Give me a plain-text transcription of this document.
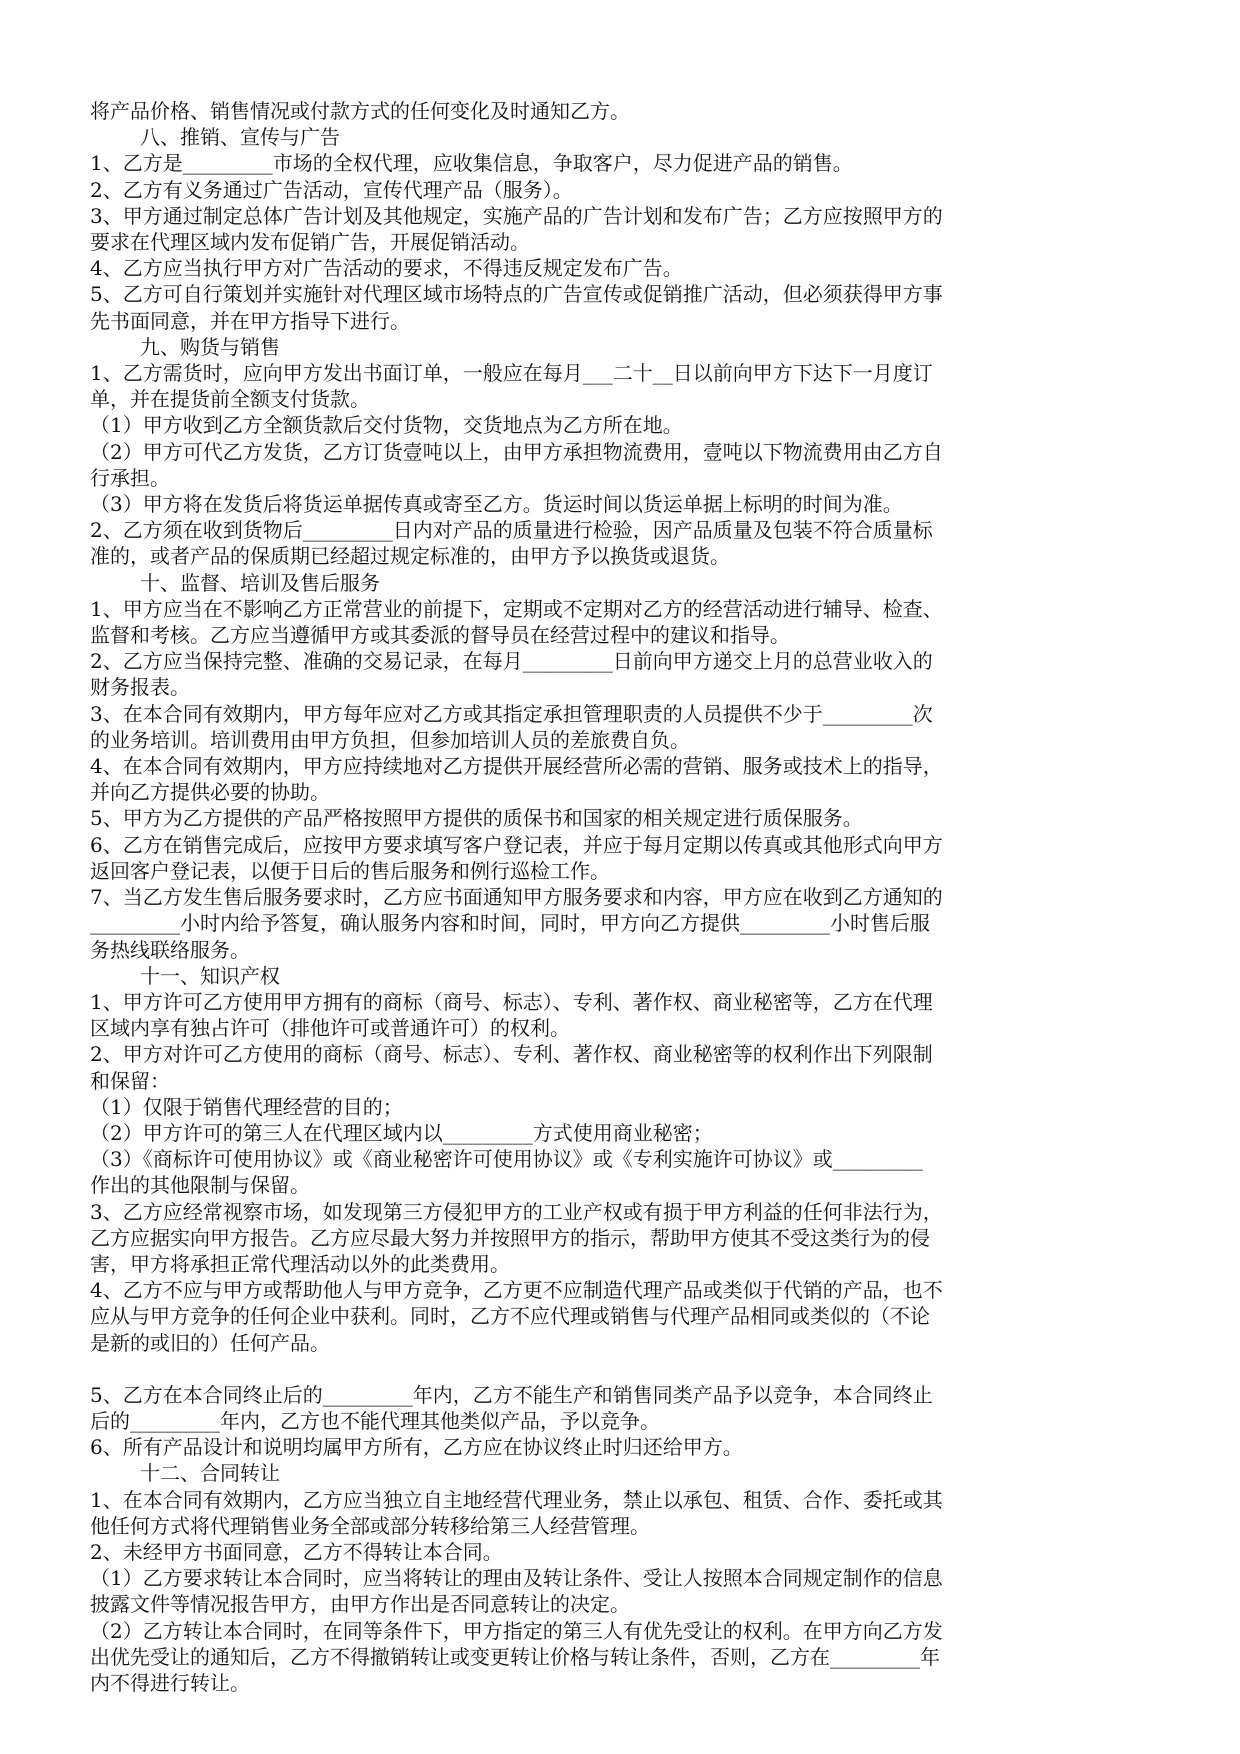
将产品价格、销售情况或付款方式的任何变化及时通知乙方。
八、推销、宣传与广告
1、乙方是_________市场的全权代理，应收集信息，争取客户，尽力促进产品的销售。
2、乙方有义务通过广告活动，宣传代理产品（服务）。
3、甲方通过制定总体广告计划及其他规定，实施产品的广告计划和发布广告；乙方应按照甲方的
要求在代理区域内发布促销广告，开展促销活动。
4、乙方应当执行甲方对广告活动的要求，不得违反规定发布广告。
5、乙方可自行策划并实施针对代理区域市场特点的广告宣传或促销推广活动，但必须获得甲方事
先书面同意，并在甲方指导下进行。
九、购货与销售
1、乙方需货时，应向甲方发出书面订单，一般应在每月___二十__日以前向甲方下达下一月度订
单，并在提货前全额支付货款。
（1）甲方收到乙方全额货款后交付货物，交货地点为乙方所在地。
（2）甲方可代乙方发货，乙方订货壹吨以上，由甲方承担物流费用，壹吨以下物流费用由乙方自
行承担。
（3）甲方将在发货后将货运单据传真或寄至乙方。货运时间以货运单据上标明的时间为准。
2、乙方须在收到货物后_________日内对产品的质量进行检验，因产品质量及包装不符合质量标
准的，或者产品的保质期已经超过规定标准的，由甲方予以换货或退货。
十、监督、培训及售后服务
1、甲方应当在不影响乙方正常营业的前提下，定期或不定期对乙方的经营活动进行辅导、检查、
监督和考核。乙方应当遵循甲方或其委派的督导员在经营过程中的建议和指导。
2、乙方应当保持完整、准确的交易记录，在每月_________日前向甲方递交上月的总营业收入的
财务报表。
3、在本合同有效期内，甲方每年应对乙方或其指定承担管理职责的人员提供不少于_________次
的业务培训。培训费用由甲方负担，但参加培训人员的差旅费自负。
4、在本合同有效期内，甲方应持续地对乙方提供开展经营所必需的营销、服务或技术上的指导，
并向乙方提供必要的协助。
5、甲方为乙方提供的产品严格按照甲方提供的质保书和国家的相关规定进行质保服务。
6、乙方在销售完成后，应按甲方要求填写客户登记表，并应于每月定期以传真或其他形式向甲方
返回客户登记表，以便于日后的售后服务和例行巡检工作。
7、当乙方发生售后服务要求时，乙方应书面通知甲方服务要求和内容，甲方应在收到乙方通知的
_________小时内给予答复，确认服务内容和时间，同时，甲方向乙方提供_________小时售后服
务热线联络服务。
十一、知识产权
1、甲方许可乙方使用甲方拥有的商标（商号、标志）、专利、著作权、商业秘密等，乙方在代理
区域内享有独占许可（排他许可或普通许可）的权利。
2、甲方对许可乙方使用的商标（商号、标志）、专利、著作权、商业秘密等的权利作出下列限制
和保留：
（1）仅限于销售代理经营的目的；
（2）甲方许可的第三人在代理区域内以_________方式使用商业秘密；
（3）《商标许可使用协议》或《商业秘密许可使用协议》或《专利实施许可协议》或_________
作出的其他限制与保留。
3、乙方应经常视察市场，如发现第三方侵犯甲方的工业产权或有损于甲方利益的任何非法行为，
乙方应据实向甲方报告。乙方应尽最大努力并按照甲方的指示，帮助甲方使其不受这类行为的侵
害，甲方将承担正常代理活动以外的此类费用。
4、乙方不应与甲方或帮助他人与甲方竞争，乙方更不应制造代理产品或类似于代销的产品，也不
应从与甲方竞争的任何企业中获利。同时，乙方不应代理或销售与代理产品相同或类似的（不论
是新的或旧的）任何产品。
5、乙方在本合同终止后的_________年内，乙方不能生产和销售同类产品予以竞争，本合同终止
后的_________年内，乙方也不能代理其他类似产品，予以竞争。
6、所有产品设计和说明均属甲方所有，乙方应在协议终止时归还给甲方。
十二、合同转让
1、在本合同有效期内，乙方应当独立自主地经营代理业务，禁止以承包、租赁、合作、委托或其
他任何方式将代理销售业务全部或部分转移给第三人经营管理。
2、未经甲方书面同意，乙方不得转让本合同。
（1）乙方要求转让本合同时，应当将转让的理由及转让条件、受让人按照本合同规定制作的信息
披露文件等情况报告甲方，由甲方作出是否同意转让的决定。
（2）乙方转让本合同时，在同等条件下，甲方指定的第三人有优先受让的权利。在甲方向乙方发
出优先受让的通知后，乙方不得撤销转让或变更转让价格与转让条件，否则，乙方在_________年
内不得进行转让。
